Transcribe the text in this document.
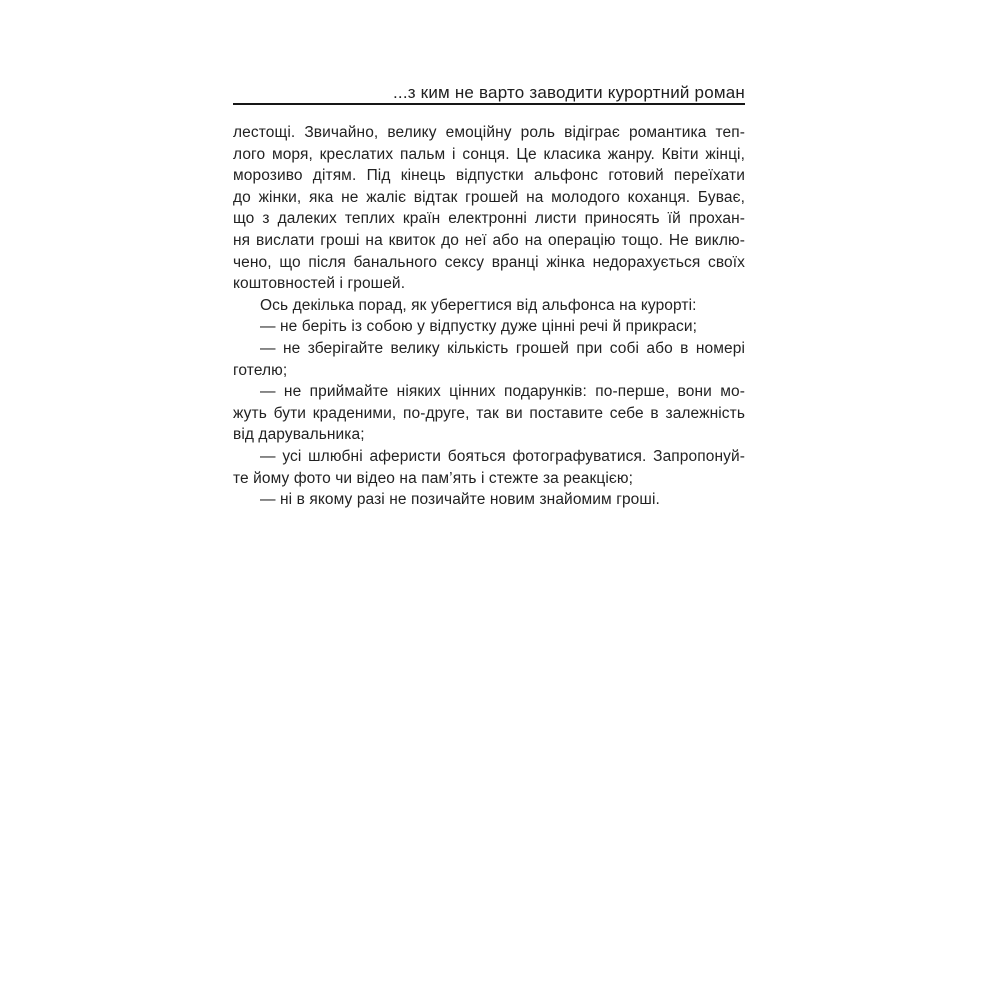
...з ким не варто заводити курортний роман
лестощі. Звичайно, велику емоційну роль відіграє романтика теп-
лого моря, креслатих пальм і сонця. Це класика жанру. Квіти жінці,
морозиво дітям. Під кінець відпустки альфонс готовий переїхати
до жінки, яка не жаліє відтак грошей на молодого коханця. Буває,
що з далеких теплих країн електронні листи приносять їй прохан-
ня вислати гроші на квиток до неї або на операцію тощо. Не виклю-
чено, що після банального сексу вранці жінка недорахується своїх
коштовностей і грошей.
Ось декілька порад, як уберегтися від альфонса на курорті:
— не беріть із собою у відпустку дуже цінні речі й прикраси;
— не зберігайте велику кількість грошей при собі або в номері
готелю;
— не приймайте ніяких цінних подарунків: по-перше, вони мо-
жуть бути краденими, по-друге, так ви поставите себе в залежність
від дарувальника;
— усі шлюбні аферисти бояться фотографуватися. Запропонуй-
те йому фото чи відео на пам’ять і стежте за реакцією;
— ні в якому разі не позичайте новим знайомим гроші.
